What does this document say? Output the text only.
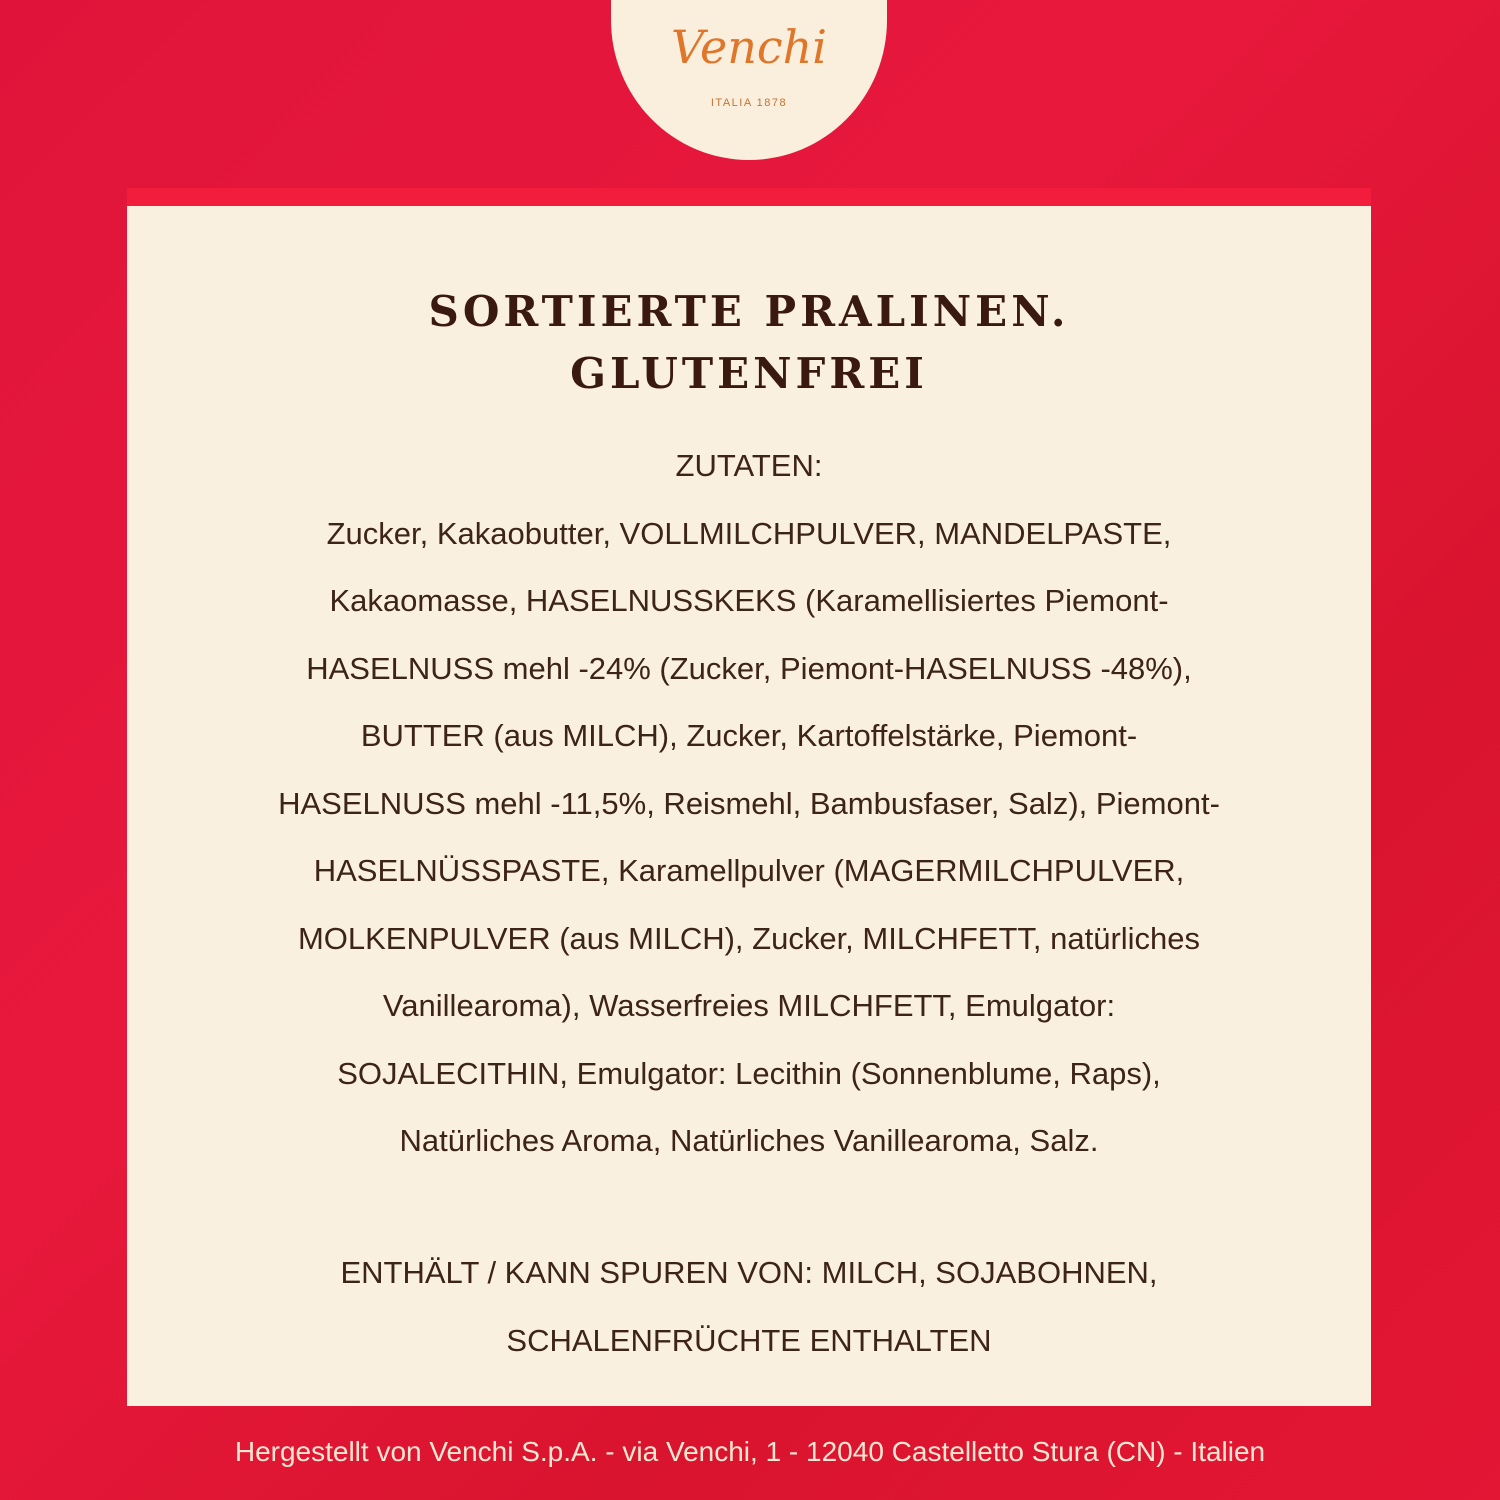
Venchi
ITALIA 1878
SORTIERTE PRALINEN.
GLUTENFREI
ZUTATEN:
Zucker, Kakaobutter, VOLLMILCHPULVER, MANDELPASTE,
Kakaomasse, HASELNUSSKEKS (Karamellisiertes Piemont-
HASELNUSS mehl -24% (Zucker, Piemont-HASELNUSS -48%),
BUTTER (aus MILCH), Zucker, Kartoffelstärke, Piemont-
HASELNUSS mehl -11,5%, Reismehl, Bambusfaser, Salz), Piemont-
HASELNÜSSPASTE, Karamellpulver (MAGERMILCHPULVER,
MOLKENPULVER (aus MILCH), Zucker, MILCHFETT, natürliches
Vanillearoma), Wasserfreies MILCHFETT, Emulgator:
SOJALECITHIN, Emulgator: Lecithin (Sonnenblume, Raps),
Natürliches Aroma, Natürliches Vanillearoma, Salz.
ENTHÄLT / KANN SPUREN VON: MILCH, SOJABOHNEN,
SCHALENFRÜCHTE ENTHALTEN
Hergestellt von Venchi S.p.A. - via Venchi, 1 - 12040 Castelletto Stura (CN) - Italien
